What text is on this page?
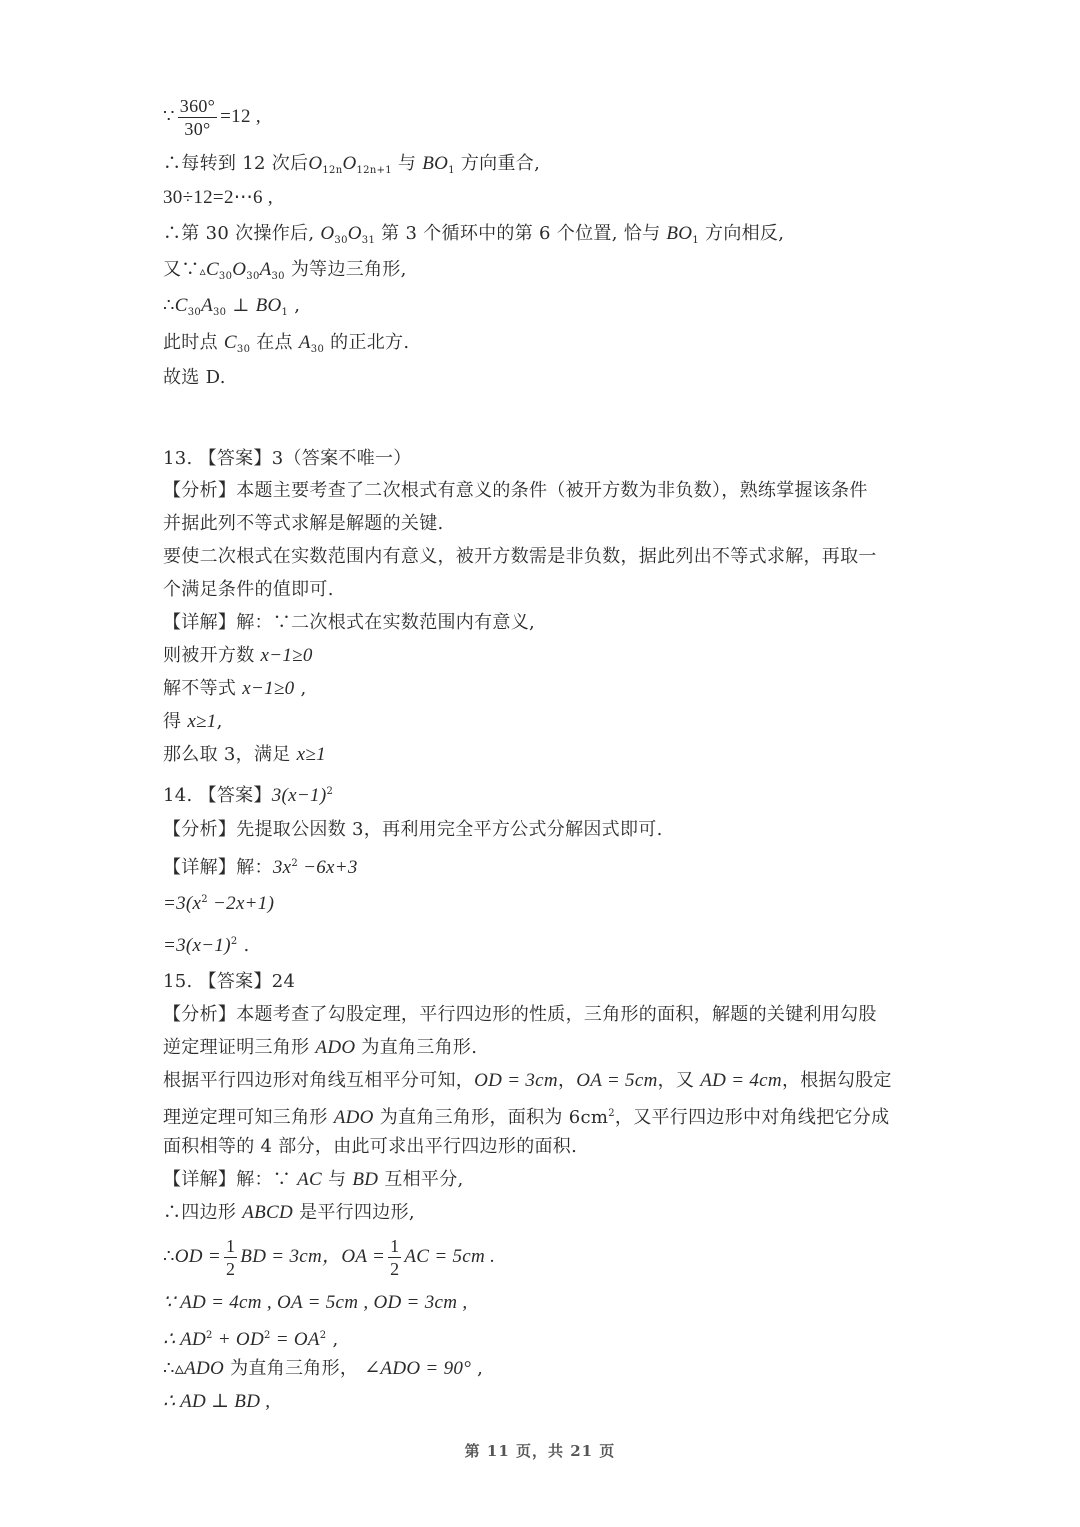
∵ $\frac{360^\circ}{30^\circ} =12$ ,
∴每转到 12 次后$O_{12n}O_{12n+1}$ 与 $BO_1$ 方向重合,
30÷12=2⋯6 ,
∴第 30 次操作后, $O_{30}O_{31}$ 第 3 个循环中的第 6 个位置, 恰与 $BO_1$ 方向相反,
又$\because▵C_{30}O_{30}A_{30}$ 为等边三角形,
$\therefore C_{30}A_{30}$ ⊥ $BO_1$ ,
此时点 $C_{30}$ 在点 $A_{30}$ 的正北方.
故选 D.
13. 【答案】3（答案不唯一）
【分析】本题主要考查了二次根式有意义的条件（被开方数为非负数），熟练掌握该条件
并据此列不等式求解是解题的关键.
要使二次根式在实数范围内有意义，被开方数需是非负数，据此列出不等式求解，再取一
个满足条件的值即可.
【详解】解：∵二次根式在实数范围内有意义,
则被开方数 x−1≥0
解不等式 x−1≥0 ,
得 x≥1,
那么取 3，满足 x≥1
14. 【答案】$3(x-1)^2$
【分析】先提取公因数 3，再利用完全平方公式分解因式即可.
【详解】解：$3x^2 -6x+3$
$=3(x^2 -2x+1)$
$=3(x-1)^2$ .
15. 【答案】24
【分析】本题考查了勾股定理，平行四边形的性质，三角形的面积，解题的关键利用勾股
逆定理证明三角形 ADO 为直角三角形.
根据平行四边形对角线互相平分可知，OD = 3cm，OA = 5cm，又 AD = 4cm，根据勾股定
理逆定理可知三角形 ADO 为直角三角形，面积为 $6cm^2$，又平行四边形中对角线把它分成
面积相等的 4 部分，由此可求出平行四边形的面积.
【详解】解：∵ AC 与 BD 互相平分,
∴四边形 ABCD 是平行四边形,
∴OD = $\frac{1}{2}$ BD = 3cm，OA = $\frac{1}{2}$ AC = 5cm .
∵ AD = 4cm , OA = 5cm , OD = 3cm ,
∴ $AD^2 + OD^2 = OA^2$ ,
∴▵ADO 为直角三角形， ∠ADO = 90° ,
∴ AD ⊥ BD ,
第 11 页，共 21 页
